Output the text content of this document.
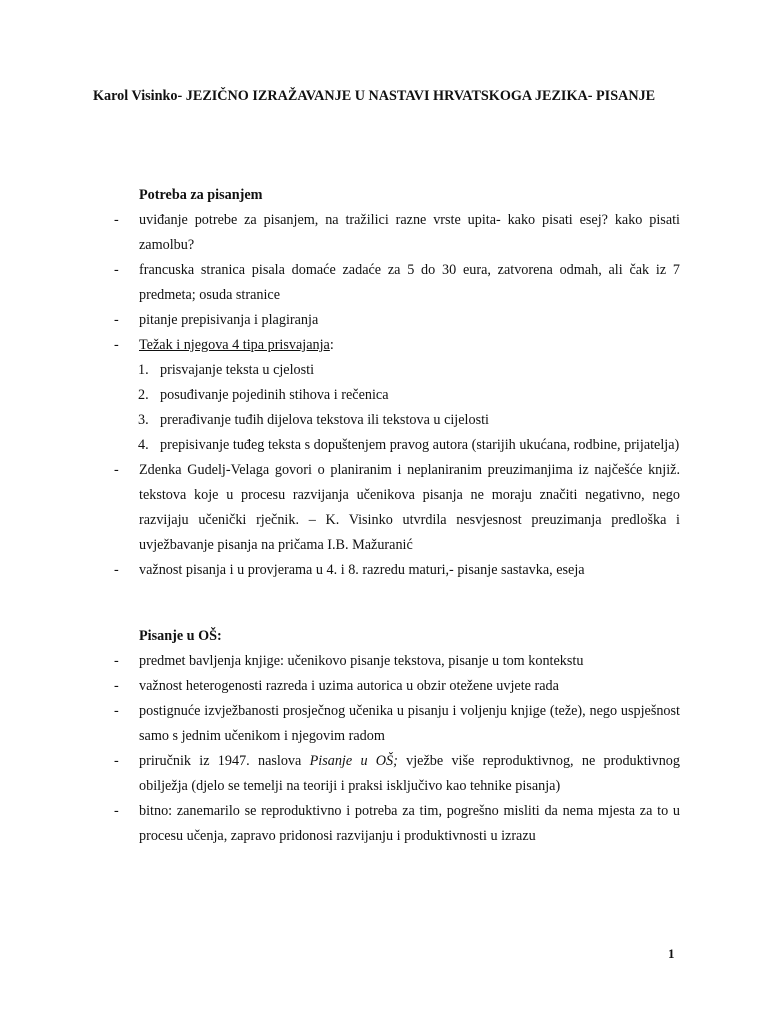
Karol Visinko- JEZIČNO IZRAŽAVANJE U NASTAVI HRVATSKOGA JEZIKA- PISANJE
Potreba za pisanjem
- uviđanje potrebe za pisanjem, na tražilici razne vrste upita- kako pisati esej? kako pisati zamolbu?
- francuska stranica pisala domaće zadaće za 5 do 30 eura, zatvorena odmah, ali čak iz 7 predmeta; osuda stranice
- pitanje prepisivanja i plagiranja
- Težak i njegova 4 tipa prisvajanja:
1. prisvajanje teksta u cjelosti
2. posuđivanje pojedinih stihova i rečenica
3. prerađivanje tuđih dijelova tekstova ili tekstova u cijelosti
4. prepisivanje tuđeg teksta s dopuštenjem pravog autora (starijih ukućana, rodbine, prijatelja)
- Zdenka Gudelj-Velaga govori o planiranim i neplaniranim preuzimanjima iz najčešće knjiž. tekstova koje u procesu razvijanja učenikova pisanja ne moraju značiti negativno, nego razvijaju učenički rječnik. – K. Visinko utvrdila nesvjesnost preuzimanja predloška i uvježbavanje pisanja na pričama I.B. Mažuranić
- važnost pisanja i u provjerama u 4. i 8. razredu maturi,- pisanje sastavka, eseja
Pisanje u OŠ:
- predmet bavljenja knjige: učenikovo pisanje tekstova, pisanje u tom kontekstu
- važnost heterogenosti razreda i uzima autorica u obzir otežene uvjete rada
- postignuće izvježbanosti prosječnog učenika u pisanju i voljenju knjige (teže), nego uspješnost samo s jednim učenikom i njegovim radom
- priručnik iz 1947. naslova Pisanje u OŠ; vježbe više reproduktivnog, ne produktivnog obilježja (djelo se temelji na teoriji i praksi isključivo kao tehnike pisanja)
- bitno: zanemarilo se reproduktivno i potreba za tim, pogrešno misliti da nema mjesta za to u procesu učenja, zapravo pridonosi razvijanju i produktivnosti u izrazu
1
